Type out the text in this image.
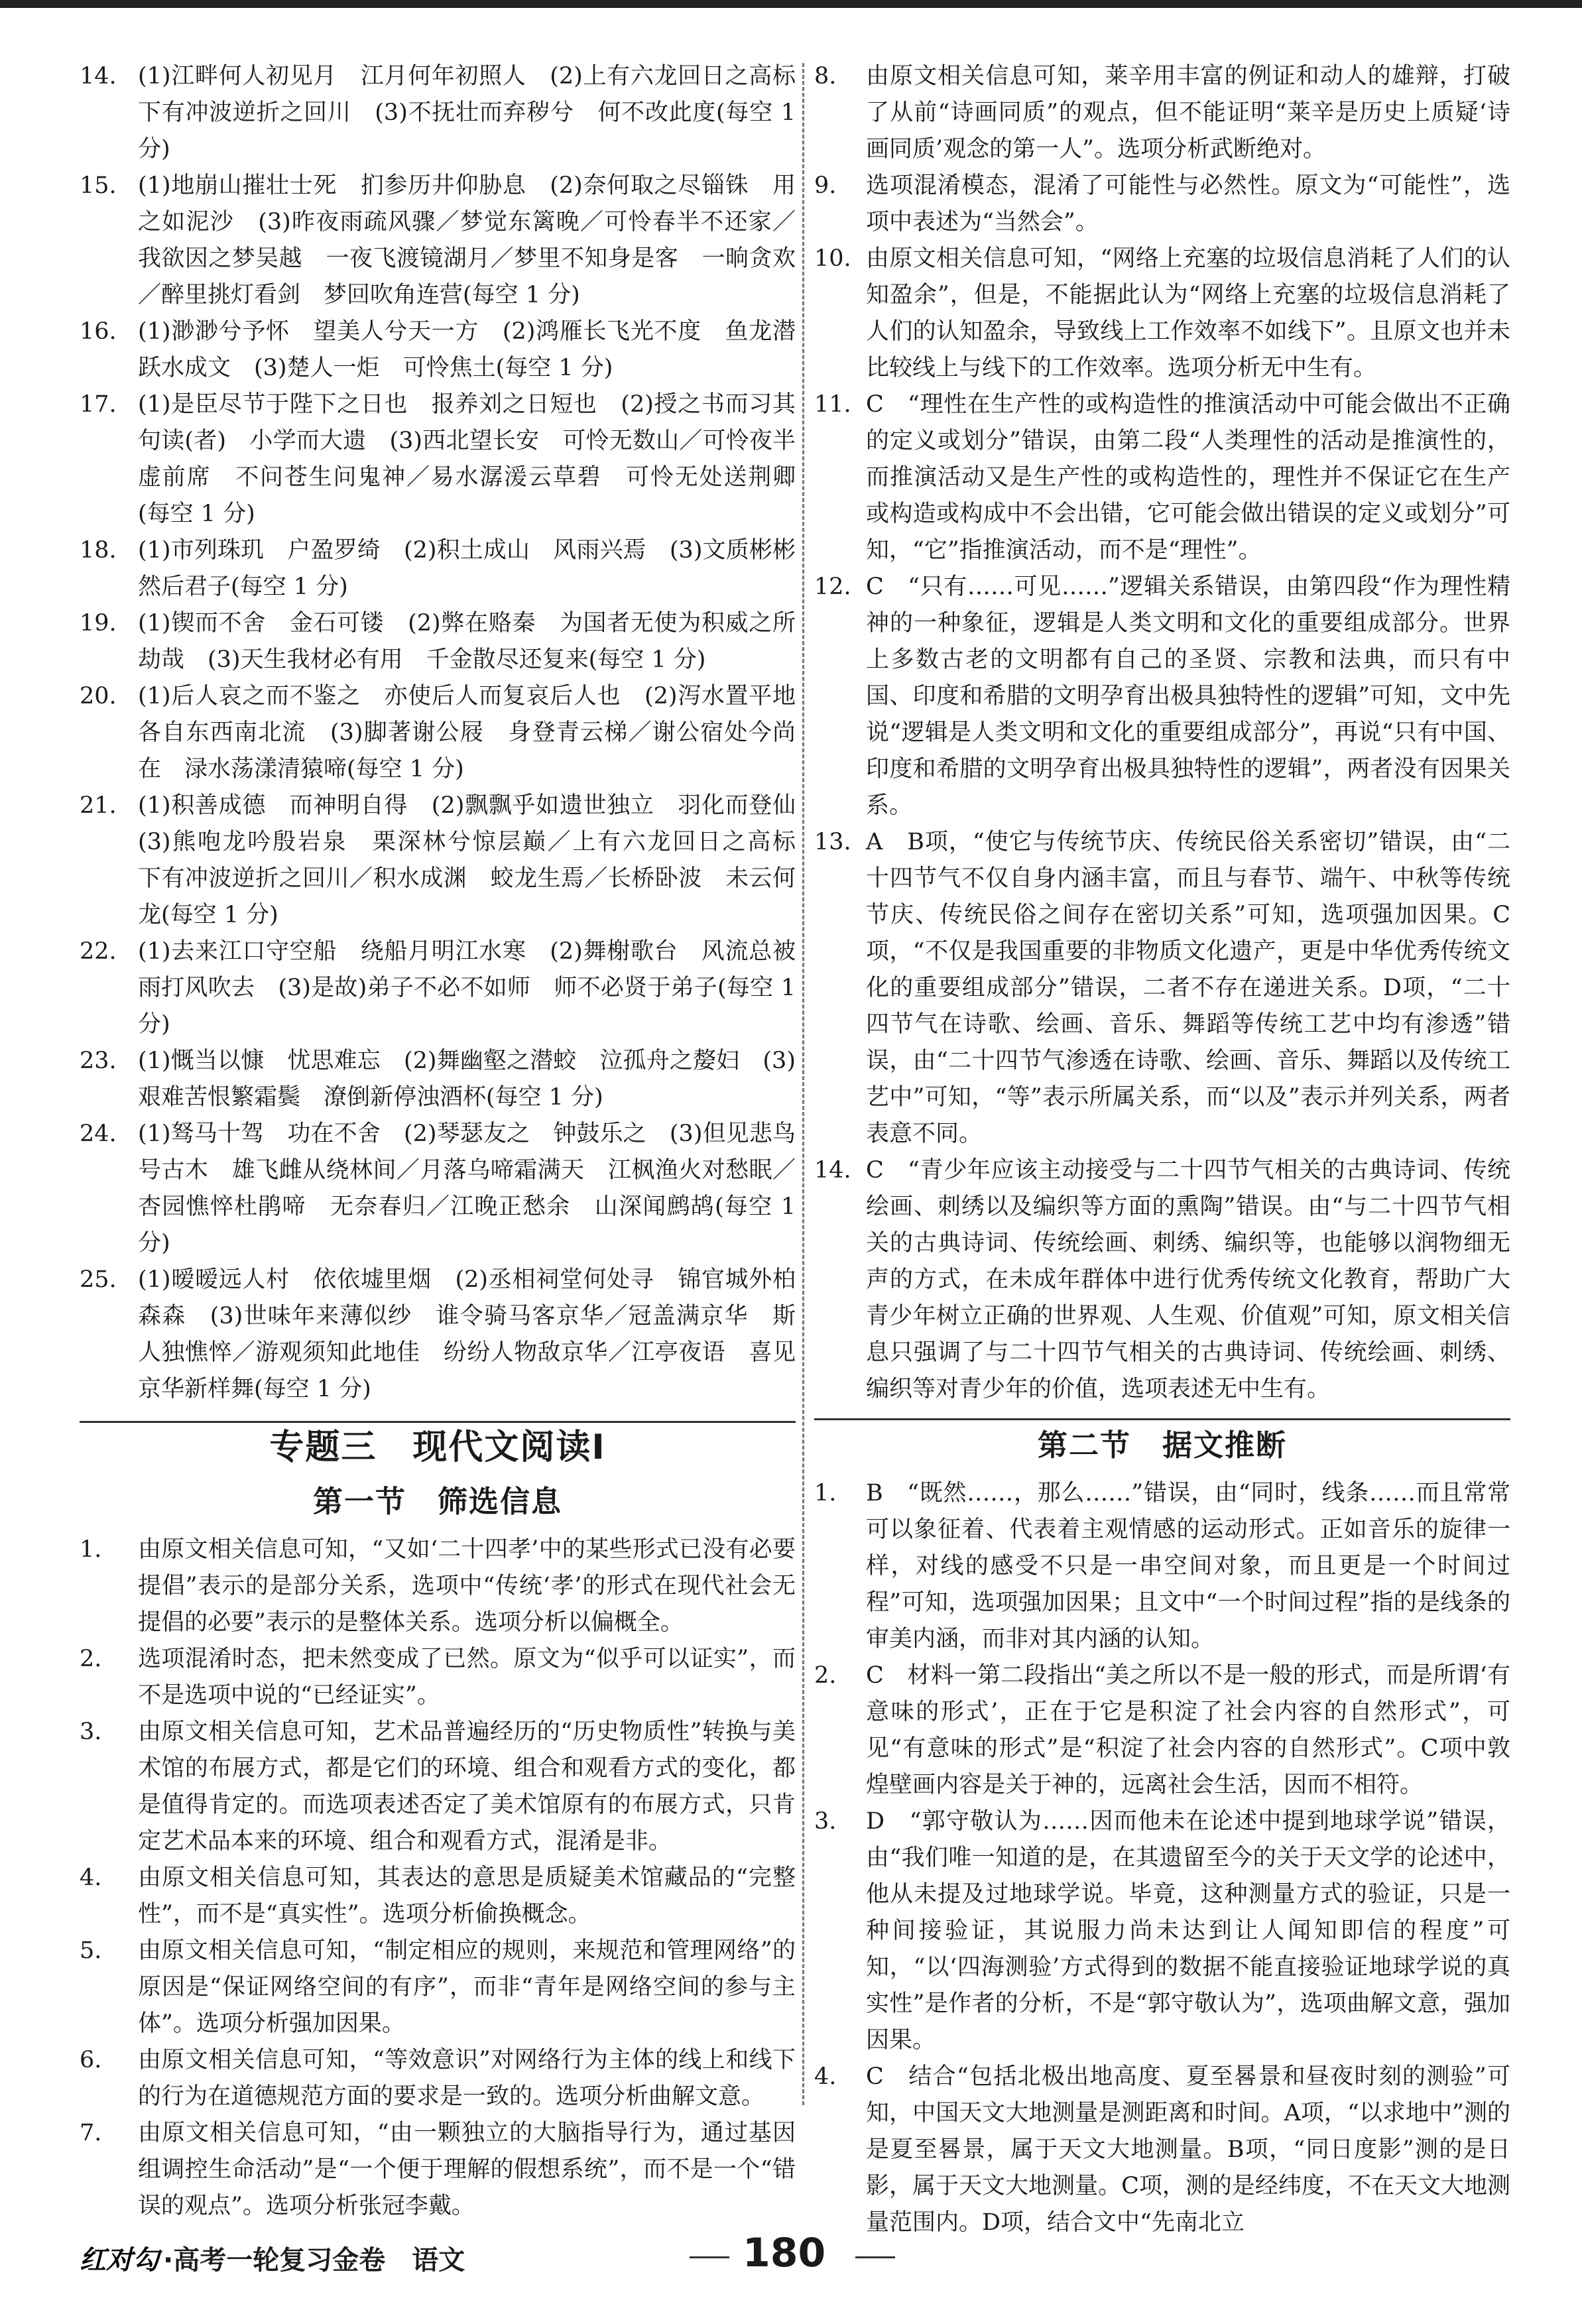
14. (1)江畔何人初见月　江月何年初照人　(2)上有六龙回日之高标　下有冲波逆折之回川　(3)不抚壮而弃秽兮　何不改此度(每空 1 分)
15. (1)地崩山摧壮士死　扪参历井仰胁息　(2)奈何取之尽锱铢　用之如泥沙　(3)昨夜雨疏风骤／梦觉东篱晚／可怜春半不还家／我欲因之梦吴越　一夜飞渡镜湖月／梦里不知身是客　一晌贪欢／醉里挑灯看剑　梦回吹角连营(每空 1 分)
16. (1)渺渺兮予怀　望美人兮天一方　(2)鸿雁长飞光不度　鱼龙潜跃水成文　(3)楚人一炬　可怜焦土(每空 1 分)
17. (1)是臣尽节于陛下之日也　报养刘之日短也　(2)授之书而习其句读(者)　小学而大遗　(3)西北望长安　可怜无数山／可怜夜半虚前席　不问苍生问鬼神／易水潺湲云草碧　可怜无处送荆卿(每空 1 分)
18. (1)市列珠玑　户盈罗绮　(2)积土成山　风雨兴焉　(3)文质彬彬　然后君子(每空 1 分)
19. (1)锲而不舍　金石可镂　(2)弊在赂秦　为国者无使为积威之所劫哉　(3)天生我材必有用　千金散尽还复来(每空 1 分)
20. (1)后人哀之而不鉴之　亦使后人而复哀后人也　(2)泻水置平地　各自东西南北流　(3)脚著谢公屐　身登青云梯／谢公宿处今尚在　渌水荡漾清猿啼(每空 1 分)
21. (1)积善成德　而神明自得　(2)飘飘乎如遗世独立　羽化而登仙　(3)熊咆龙吟殷岩泉　栗深林兮惊层巅／上有六龙回日之高标　下有冲波逆折之回川／积水成渊　蛟龙生焉／长桥卧波　未云何龙(每空 1 分)
22. (1)去来江口守空船　绕船月明江水寒　(2)舞榭歌台　风流总被雨打风吹去　(3)是故)弟子不必不如师　师不必贤于弟子(每空 1 分)
23. (1)慨当以慷　忧思难忘　(2)舞幽壑之潜蛟　泣孤舟之嫠妇　(3)艰难苦恨繁霜鬓　潦倒新停浊酒杯(每空 1 分)
24. (1)驽马十驾　功在不舍　(2)琴瑟友之　钟鼓乐之　(3)但见悲鸟号古木　雄飞雌从绕林间／月落乌啼霜满天　江枫渔火对愁眠／杏园憔悴杜鹃啼　无奈春归／江晚正愁余　山深闻鹧鸪(每空 1 分)
25. (1)暧暧远人村　依依墟里烟　(2)丞相祠堂何处寻　锦官城外柏森森　(3)世味年来薄似纱　谁令骑马客京华／冠盖满京华　斯人独憔悴／游观须知此地佳　纷纷人物敌京华／江亭夜语　喜见京华新样舞(每空 1 分)
专题三　现代文阅读Ⅰ
第一节　筛选信息
1.	由原文相关信息可知，“又如‘二十四孝’中的某些形式已没有必要提倡”表示的是部分关系，选项中“传统‘孝’的形式在现代社会无提倡的必要”表示的是整体关系。选项分析以偏概全。
2.	选项混淆时态，把未然变成了已然。原文为“似乎可以证实”，而不是选项中说的“已经证实”。
3.	由原文相关信息可知，艺术品普遍经历的“历史物质性”转换与美术馆的布展方式，都是它们的环境、组合和观看方式的变化，都是值得肯定的。而选项表述否定了美术馆原有的布展方式，只肯定艺术品本来的环境、组合和观看方式，混淆是非。
4.	由原文相关信息可知，其表达的意思是质疑美术馆藏品的“完整性”，而不是“真实性”。选项分析偷换概念。
5.	由原文相关信息可知，“制定相应的规则，来规范和管理网络”的原因是“保证网络空间的有序”，而非“青年是网络空间的参与主体”。选项分析强加因果。
6.	由原文相关信息可知，“等效意识”对网络行为主体的线上和线下的行为在道德规范方面的要求是一致的。选项分析曲解文意。
7.	由原文相关信息可知，“由一颗独立的大脑指导行为，通过基因组调控生命活动”是“一个便于理解的假想系统”，而不是一个“错误的观点”。选项分析张冠李戴。
8.	由原文相关信息可知，莱辛用丰富的例证和动人的雄辩，打破了从前“诗画同质”的观点，但不能证明“莱辛是历史上质疑‘诗画同质’观念的第一人”。选项分析武断绝对。
9.	选项混淆模态，混淆了可能性与必然性。原文为“可能性”，选项中表述为“当然会”。
10. 由原文相关信息可知，“网络上充塞的垃圾信息消耗了人们的认知盈余”，但是，不能据此认为“网络上充塞的垃圾信息消耗了人们的认知盈余，导致线上工作效率不如线下”。且原文也并未比较线上与线下的工作效率。选项分析无中生有。
11. C　“理性在生产性的或构造性的推演活动中可能会做出不正确的定义或划分”错误，由第二段“人类理性的活动是推演性的，而推演活动又是生产性的或构造性的，理性并不保证它在生产或构造或构成中不会出错，它可能会做出错误的定义或划分”可知，“它”指推演活动，而不是“理性”。
12. C　“只有……可见……”逻辑关系错误，由第四段“作为理性精神的一种象征，逻辑是人类文明和文化的重要组成部分。世界上多数古老的文明都有自己的圣贤、宗教和法典，而只有中国、印度和希腊的文明孕育出极具独特性的逻辑”可知，文中先说“逻辑是人类文明和文化的重要组成部分”，再说“只有中国、印度和希腊的文明孕育出极具独特性的逻辑”，两者没有因果关系。
13. A　B项，“使它与传统节庆、传统民俗关系密切”错误，由“二十四节气不仅自身内涵丰富，而且与春节、端午、中秋等传统节庆、传统民俗之间存在密切关系”可知，选项强加因果。C项，“不仅是我国重要的非物质文化遗产，更是中华优秀传统文化的重要组成部分”错误，二者不存在递进关系。D项，“二十四节气在诗歌、绘画、音乐、舞蹈等传统工艺中均有渗透”错误，由“二十四节气渗透在诗歌、绘画、音乐、舞蹈以及传统工艺中”可知，“等”表示所属关系，而“以及”表示并列关系，两者表意不同。
14. C　“青少年应该主动接受与二十四节气相关的古典诗词、传统绘画、刺绣以及编织等方面的熏陶”错误。由“与二十四节气相关的古典诗词、传统绘画、刺绣、编织等，也能够以润物细无声的方式，在未成年群体中进行优秀传统文化教育，帮助广大青少年树立正确的世界观、人生观、价值观”可知，原文相关信息只强调了与二十四节气相关的古典诗词、传统绘画、刺绣、编织等对青少年的价值，选项表述无中生有。
第二节　据文推断
1.	B　“既然……，那么……”错误，由“同时，线条……而且常常可以象征着、代表着主观情感的运动形式。正如音乐的旋律一样，对线的感受不只是一串空间对象，而且更是一个时间过程”可知，选项强加因果；且文中“一个时间过程”指的是线条的审美内涵，而非对其内涵的认知。
2.	C　材料一第二段指出“美之所以不是一般的形式，而是所谓‘有意味的形式’，正在于它是积淀了社会内容的自然形式”，可见“有意味的形式”是“积淀了社会内容的自然形式”。C项中敦煌壁画内容是关于神的，远离社会生活，因而不相符。
3.	D　“郭守敬认为……因而他未在论述中提到地球学说”错误，由“我们唯一知道的是，在其遗留至今的关于天文学的论述中，他从未提及过地球学说。毕竟，这种测量方式的验证，只是一种间接验证，其说服力尚未达到让人闻知即信的程度”可知，“以‘四海测验’方式得到的数据不能直接验证地球学说的真实性”是作者的分析，不是“郭守敬认为”，选项曲解文意，强加因果。
4.	C　结合“包括北极出地高度、夏至晷景和昼夜时刻的测验”可知，中国天文大地测量是测距离和时间。A项，“以求地中”测的是夏至晷景，属于天文大地测量。B项，“同日度影”测的是日影，属于天文大地测量。C项，测的是经纬度，不在天文大地测量范围内。D项，结合文中“先南北立
红对勾 ·高考一轮复习金卷　语文	180
